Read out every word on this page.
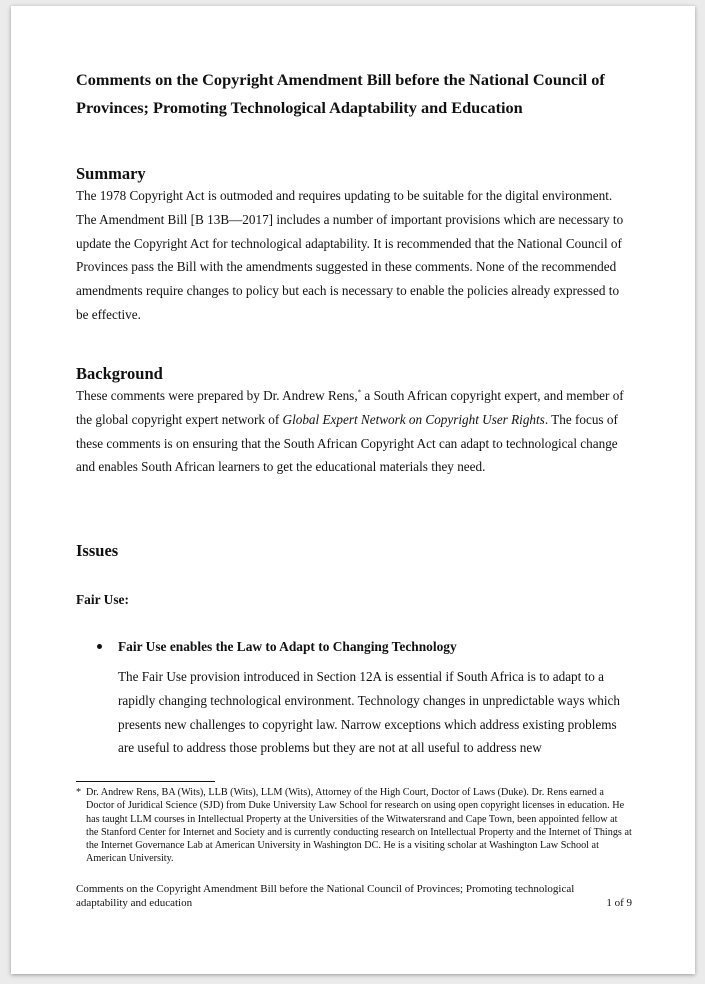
Comments on the Copyright Amendment Bill before the National Council of Provinces; Promoting Technological Adaptability and Education
Summary

The 1978 Copyright Act is outmoded and requires updating to be suitable for the digital environment. The Amendment Bill [B 13B—2017] includes a number of important provisions which are necessary to update the Copyright Act for technological adaptability. It is recommended that the National Council of Provinces pass the Bill with the amendments suggested in these comments. None of the recommended amendments require changes to policy but each is necessary to enable the policies already expressed to be effective.

Background

These comments were prepared by Dr. Andrew Rens,* a South African copyright expert, and member of the global copyright expert network of Global Expert Network on Copyright User Rights. The focus of these comments is on ensuring that the South African Copyright Act can adapt to technological change and enables South African learners to get the educational materials they need.

Issues
Fair Use:
Fair Use enables the Law to Adapt to Changing Technology
The Fair Use provision introduced in Section 12A is essential if South Africa is to adapt to a rapidly changing technological environment. Technology changes in unpredictable ways which presents new challenges to copyright law. Narrow exceptions which address existing problems are useful to address those problems but they are not at all useful to address new
* Dr. Andrew Rens, BA (Wits), LLB (Wits), LLM (Wits), Attorney of the High Court, Doctor of Laws (Duke). Dr. Rens earned a Doctor of Juridical Science (SJD) from Duke University Law School for research on using open copyright licenses in education. He has taught LLM courses in Intellectual Property at the Universities of the Witwatersrand and Cape Town, been appointed fellow at the Stanford Center for Internet and Society and is currently conducting research on Intellectual Property and the Internet of Things at the Internet Governance Lab at American University in Washington DC. He is a visiting scholar at Washington Law School at American University.
Comments on the Copyright Amendment Bill before the National Council of Provinces; Promoting technological adaptability and education	1 of 9
